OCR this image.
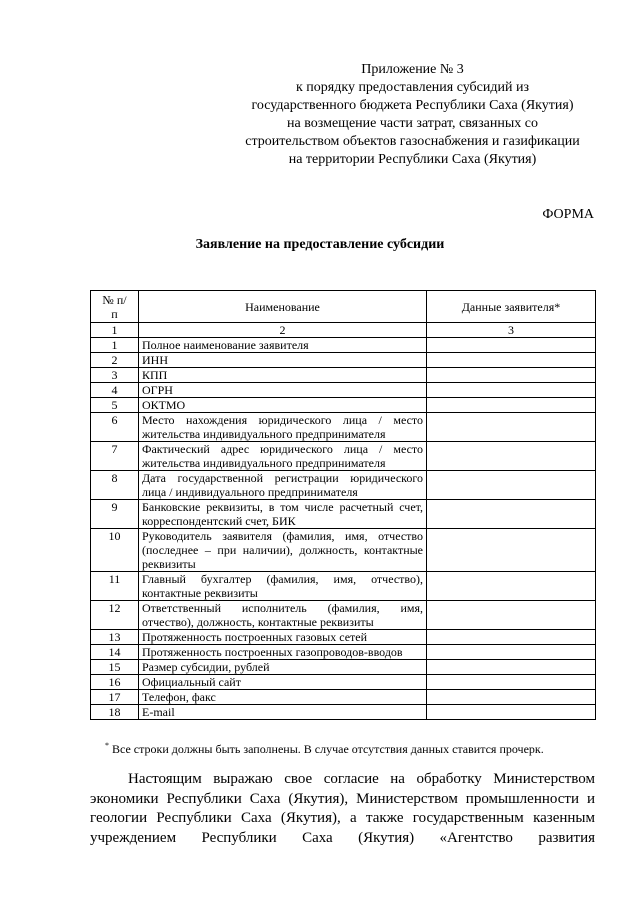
Приложение № 3
к порядку предоставления субсидий из
государственного бюджета Республики Саха (Якутия)
на возмещение части затрат, связанных со
строительством объектов газоснабжения и газификации
на территории Республики Саха (Якутия)
ФОРМА
Заявление на предоставление субсидии
№ п/п	Наименование	Данные заявителя*
1	2	3
1	Полное наименование заявителя	
2	ИНН	
3	КПП	
4	ОГРН	
5	ОКТМО	
6	Место нахождения юридического лица / место жительства индивидуального предпринимателя	
7	Фактический адрес юридического лица / место жительства индивидуального предпринимателя	
8	Дата государственной регистрации юридического лица / индивидуального предпринимателя	
9	Банковские реквизиты, в том числе расчетный счет, корреспондентский счет, БИК	
10	Руководитель заявителя (фамилия, имя, отчество (последнее – при наличии), должность, контактные реквизиты	
11	Главный бухгалтер (фамилия, имя, отчество), контактные реквизиты	
12	Ответственный исполнитель (фамилия, имя, отчество), должность, контактные реквизиты	
13	Протяженность построенных газовых сетей	
14	Протяженность построенных газопроводов-вводов	
15	Размер субсидии, рублей	
16	Официальный сайт	
17	Телефон, факс	
18	E-mail	
* Все строки должны быть заполнены. В случае отсутствия данных ставится прочерк.

Настоящим выражаю свое согласие на обработку Министерством экономики Республики Саха (Якутия), Министерством промышленности и геологии Республики Саха (Якутия), а также государственным казенным учреждением Республики Саха (Якутия) «Агентство развития
